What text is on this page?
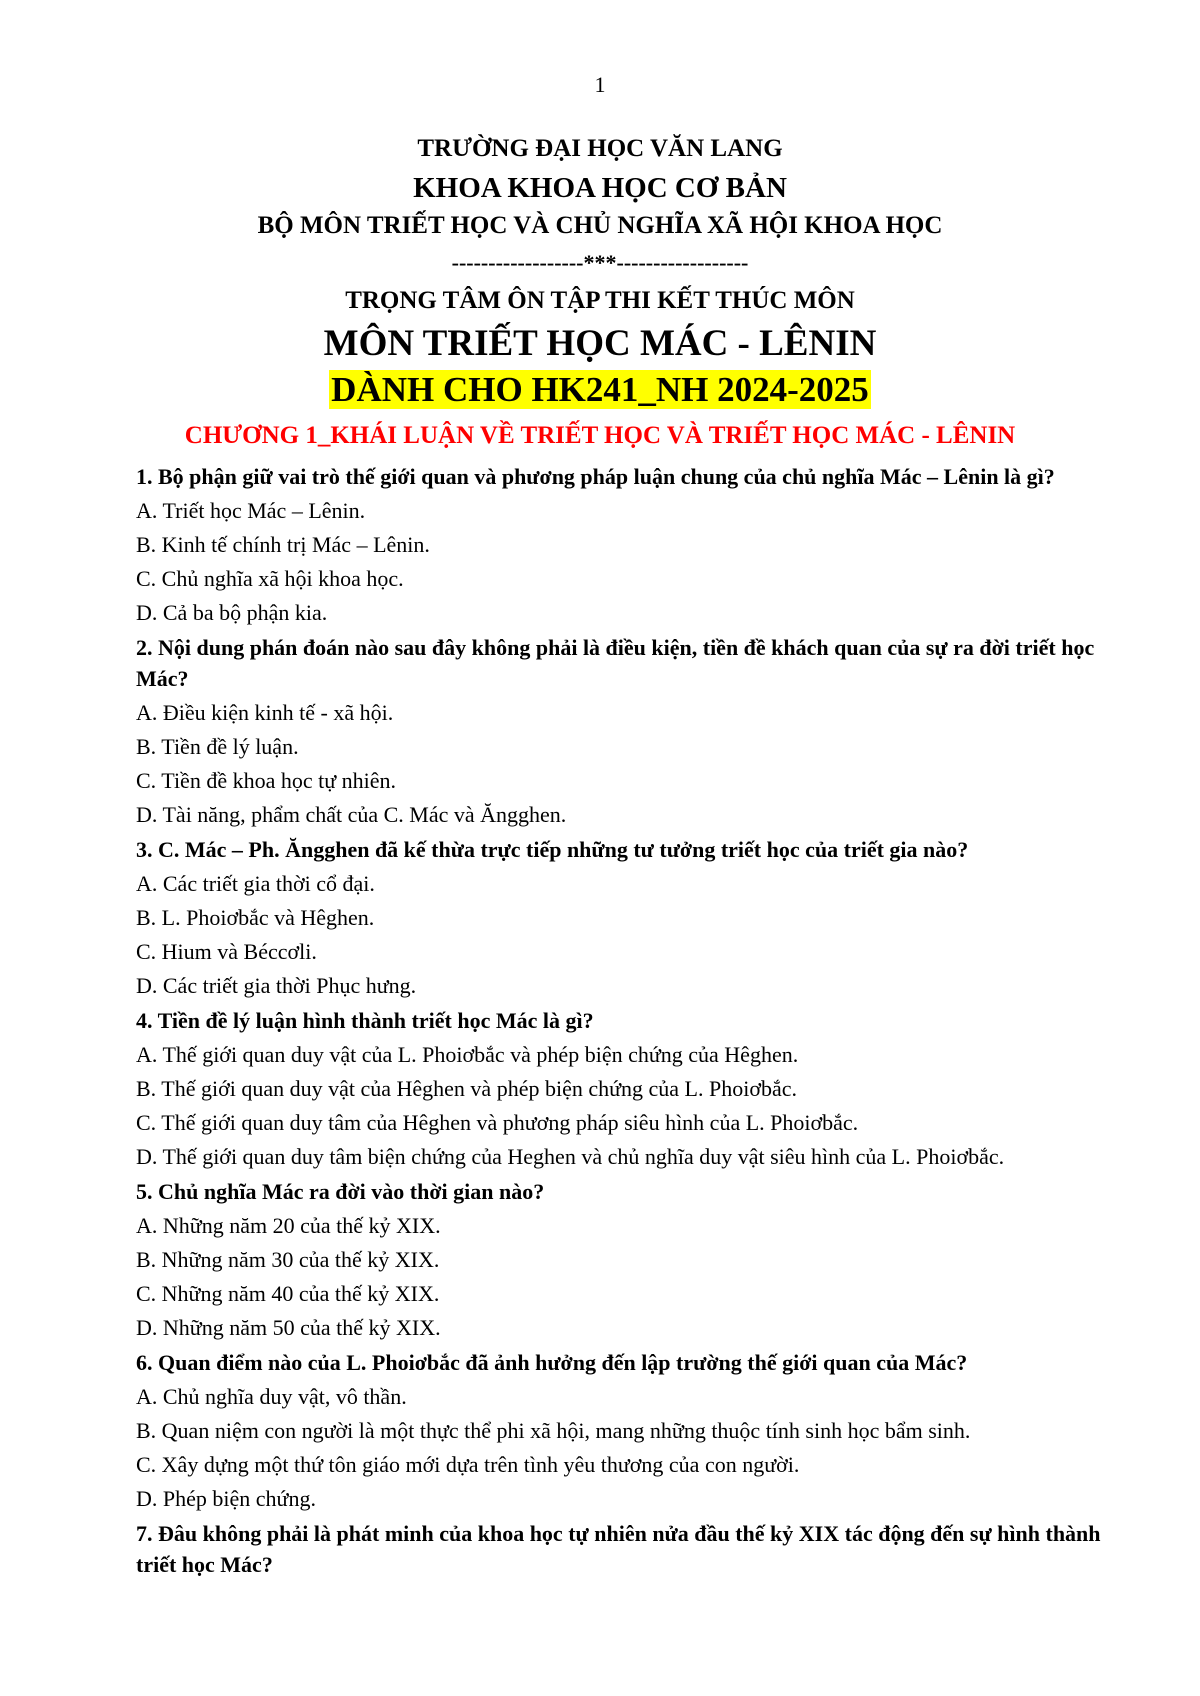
1
TRƯỜNG ĐẠI HỌC VĂN LANG
KHOA KHOA HỌC CƠ BẢN
BỘ MÔN TRIẾT HỌC VÀ CHỦ NGHĨA XÃ HỘI KHOA HỌC
------------------***------------------
TRỌNG TÂM ÔN TẬP THI KẾT THÚC MÔN
MÔN TRIẾT HỌC MÁC - LÊNIN
DÀNH CHO HK241_NH 2024-2025
CHƯƠNG 1_KHÁI LUẬN VỀ TRIẾT HỌC VÀ TRIẾT HỌC MÁC - LÊNIN

1. Bộ phận giữ vai trò thế giới quan và phương pháp luận chung của chủ nghĩa Mác – Lênin là gì?

A. Triết học Mác – Lênin.

B. Kinh tế chính trị Mác – Lênin.

C. Chủ nghĩa xã hội khoa học.

D. Cả ba bộ phận kia.

2. Nội dung phán đoán nào sau đây không phải là điều kiện, tiền đề khách quan của sự ra đời triết học Mác?

A. Điều kiện kinh tế - xã hội.

B. Tiền đề lý luận.

C. Tiền đề khoa học tự nhiên.

D. Tài năng, phẩm chất của C. Mác và Ăngghen.

3. C. Mác – Ph. Ăngghen đã kế thừa trực tiếp những tư tưởng triết học của triết gia nào?

A. Các triết gia thời cổ đại.

B. L. Phoiơbắc và Hêghen.

C. Hium và Béccơli.

D. Các triết gia thời Phục hưng.

4. Tiền đề lý luận hình thành triết học Mác là gì?

A. Thế giới quan duy vật của L. Phoiơbắc và phép biện chứng của Hêghen.

B. Thế giới quan duy vật của Hêghen và phép biện chứng của L. Phoiơbắc.

C. Thế giới quan duy tâm của Hêghen và phương pháp siêu hình của L. Phoiơbắc.

D. Thế giới quan duy tâm biện chứng của Heghen và chủ nghĩa duy vật siêu hình của L. Phoiơbắc.

5. Chủ nghĩa Mác ra đời vào thời gian nào?

A. Những năm 20 của thế kỷ XIX.

B. Những năm 30 của thế kỷ XIX.

C. Những năm 40 của thế kỷ XIX.

D. Những năm 50 của thế kỷ XIX.

6. Quan điểm nào của L. Phoiơbắc đã ảnh hưởng đến lập trường thế giới quan của Mác?

A. Chủ nghĩa duy vật, vô thần.

B. Quan niệm con người là một thực thể phi xã hội, mang những thuộc tính sinh học bẩm sinh.

C. Xây dựng một thứ tôn giáo mới dựa trên tình yêu thương của con người.

D. Phép biện chứng.

7. Đâu không phải là phát minh của khoa học tự nhiên nửa đầu thế kỷ XIX tác động đến sự hình thành triết học Mác?
